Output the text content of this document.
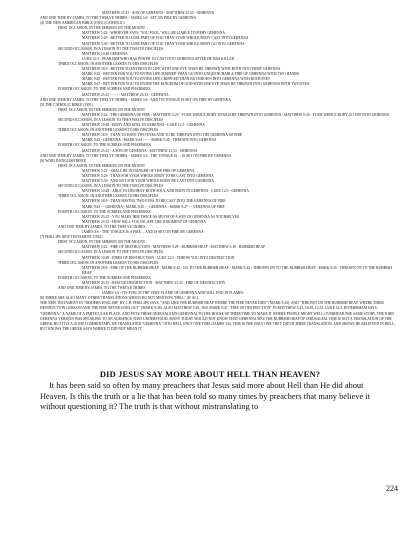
MATTHEW 25:15 - SON OF GEHENNA - MATTHEW 23:33 - GEHENNA
AND ONE TIME BY JAMES, TO THE TWELVE TRIBES - JAMES 3:6 - SET ON FIRE BY GEHENNA
[4] THE NEW AMERICAN BIBLE (1991) (CATHOLIC)
FIRST OCCASION, IN THE SERMON ON THE MOUNT
MATTHEW 5:22 - WHOEVER SAYS, 'YOU FOOL,' WILL BE LIABLE TO FIERY GEHENNA
MATTHEW 5:29 - BETTER TO LOSE PART OF YOU THAN YOUR WHOLE BODY CAST INTO GEHENNA
MATTHEW 5:30 - BETTER TO LOSE PART OF YOU THAN YOUR WHOLE BODY GO INTO GEHENNA
SECOND OCCASION, IN A LESSON TO THE TWELVE DISCIPLES
MATTHEW 10:28 GEHENNA
LUKE 12:5 - FEAR HIM WHO HAS POWER TO CAST INTO GEHENNA AFTER HE HAS KILLED
THIRD OCCASION, IN ANOTHER LESSON TO HIS DISCIPLES
MATTHEW 18:9 - BETTER TO ENTER INTO LIFE WITH ONE EYE THAN BE THROWN WITH BOTH INTO FIERY GEHENNA
MARK 9:43 - BETTER FOR YOU TO ENTER LIFE MAIMED THAN GO INTO UNQUENCHABLE FIRE OF GEHENNA WITH TWO HANDS
MARK 9:45 - BETTER FOR YOU TO ENTER LIFE CRIPPLED THAN BE THROWN INTO GEHENNA WITH BOTH FEET
MARK 9:47 - BETTER FOR YOU TO ENTER THE KINGDOM OF GOD WITH ONE EYE THAN BE THROWN INTO GEHENNA WITH TWO EYES
FOURTH OCCASION, TO THE SCRIBES AND PHARISEES
MATTHEW 23:15 - - - - - MATTHEW 23:33 - GEHENNA
AND ONE TIME BY JAMES, TO THE TWELVE TRIBES - JAMES 3:6 - AND ITS TONGUE IS SET ON FIRE BY GEHENNA
[5] THE CATHOLIC BIBLE (1991)
FIRST OCCASION, IN THE SERMON ON THE MOUNT
MATTHEW 5:22 - THE GEHENNA OF FIRE - MATTHEW 5:29 - YOUR WHOLE BODY WOULD BE THROWN INTO GEHENNA - MATTHEW 5:30 - YOUR WHOLE BODY GO OFF INTO GEHENNA
SECOND OCCASION, IN A LESSON TO THE TWELVE DISCIPLES
MATTHEW 10:28 - BODY AND SOUL IN GEHENNA - LUKE 12:5 - GEHENNA
THIRD OCCASION, IN ANOTHER LESSON TO HIS DISCIPLES
MATTHEW 18:9 - THAN TO HAVE TWO EYES AND TO BE THROWN INTO THE GEHENNA OF FIRE
MARK 9:43 - GEHENNA - MARK 9:44 - - - - MARK 9:45 - THROWN INTO GEHENNA
FOURTH OCCASION, TO THE SCRIBES AND PHARISEES
MATTHEW 23:15 - A SON OF GEHENNA - MATTHEW 23:33 - GEHENNA
AND ONE TIME BY JAMES, TO THE TWELVE TRIBES - JAMES 3:6 - THE TONGUE IS ... IS SET ON FIRE BY GEHENNA
[6] WORLD ENGLISH BIBLE
FIRST OCCASION, IN THE SERMON ON THE MOUNT
MATTHEW 5:22 - SHALL BE IN DANGER OF THE FIRE OF GEHENNA
MATTHEW 5:29 - THAN FOR YOUR WHOLE BODY TO BE CAST INTO GEHENNA
MATTHEW 5:30 - AND NOT FOR YOUR WHOLE BODY BE CAST INTO GEHENNA
SECOND OCCASION, IN A LESSON TO THE TWELVE DISCIPLES
MATTHEW 10:28 - ABLE TO DESTROY BOTH SOUL AND BODY IN GEHENNA - LUKE 12:5 - GEHENNA
THIRD OCCASION, IN ANOTHER LESSON TO HIS DISCIPLES
MATTHEW 18:9 - THAN HAVING TWO EYES TO BE CAST INTO THE GEHENNA OF FIRE
MARK 9:43 - - GEHENNA - MARK 9:45 - - GEHENNA - MARK 9:47 - - GEHENNA OF FIRE
FOURTH OCCASION, TO THE SCRIBES AND PHARISEES
MATTHEW 23:15 - YOU MAKE HIM TWICE AS MUCH OF A SON OF GEHENNA AS YOURSELVES
MATTHEW 23:33 - HOW WILL YOU ESCAPE THE JUDGMENT OF GEHENNA
AND ONE TIME BY JAMES, TO THE TWELVE TRIBES
JAMES 3:6 - THE TONGUE IS A FIRE ... AND IS SET ON FIRE BY GEHENNA
[7] PHILLIPS NEW TESTAMENT (1952)
FIRST OCCASION, IN THE SERMON ON THE MOUNT
MATTHEW 5:22 - FIRE OF DESTRUCTION - MATTHEW 5:29 - RUBBISH HEAP - MATTHEW 5:30 - RUBBISH HEAP
SECOND OCCASION, IN A LESSON TO THE TWELVE DISCIPLES
MATTHEW 10:28 - FIRES OF DESTRUCTION - LUKE 12:5 - THROW YOU INTO DESTRUCTION
THIRD OCCASION, IN ANOTHER LESSON TO HIS DISCIPLES
MATTHEW 18:9 - FIRE OF THE RUBBISH HEAP - MARK 9:43 - GO TO THE RUBBISH HEAP - MARK 9:44 - THROWN ON TO THE RUBBISH HEAP - MARK 9:45 - THROWN ON TO THE RUBBISH HEAP
FOURTH OCCASION, TO THE SCRIBES AND PHARISEES
MATTHEW 23:15 - RESCUE DESTRUCTION - MATTHEW 23:33 - FIRE OF DESTRUCTION
AND ONE TIME BY JAMES, TO THE TWELVE TRIBES
JAMES 3:6 - ITS FUEL IS THE VERY FLAME OF GEHENNA AND WILL END IN FLAMES
[8] THERE ARE ALSO MANY OTHER TRANSLATIONS WHICH DO NOT MENTION "HELL" AT ALL
THE NEW TESTAMENT IN "MODERN ENGLISH" BY J. B. PHILLIPS SAYS, "AND LIKE THE RUBBISH HEAP WHERE THE FIRE NEVER DIES" (MARK 9:43), AND "THROWN ON THE RUBBISH HEAP, WHERE THEIR DESTRUCTION GOES ON AND THE FIRE NEVER GOES OUT" (MARK 9:48). ALSO MATTHEW 5:29, 18:8, MARK 9:47, "FIRE OF DESTRUCTION" IN MATTHEW 5:22, 18:29, 12:33, LUKE 12:5. ROTHERHAM SAYS, "GEHENNA," A NAME OF A PARTICULAR PLACE, AND PUTS THESE [JERUSALEM'S GEHENNA] TO THE HOUSE OF THEIR TIME TO MAKE IT WHERE PEOPLE MIGHT WELL OVERHEAR THE SAME STORY. THE JOHN GEHENNA VERSION WAS SPEAKING TO AN AUDIENCE THAT UNDERSTOOD. MANY TODAY WOULD NOT KNOW THAT GEHENNA WAS THE RUBBISH HEAP OF JERUSALEM. THIS IS NOT A TRANSLATION OF THE GREEK, BUT IT IS A GOOD COMMENTARY. HE TRANSLATED "GEHENNA" INTO HELL ONLY ONE TIME (JAMES 3:6). THIS IS THE ONLY ONE THEY DID IN THEIR TRANSLATION, AND SHOWS HE BELIEVED IN HELL, BUT KNOWS THE GREEK SAYS WHERE IT DID NOT MEAN IT.
DID JESUS SAY MORE ABOUT HELL THAN HEAVEN?
It has been said so often by many preachers that Jesus said more about Hell than He did about Heaven. Is this the truth or a lie that has been told so many times by preachers that many believe it without questioning it? The truth is that without mistranslating to
224
